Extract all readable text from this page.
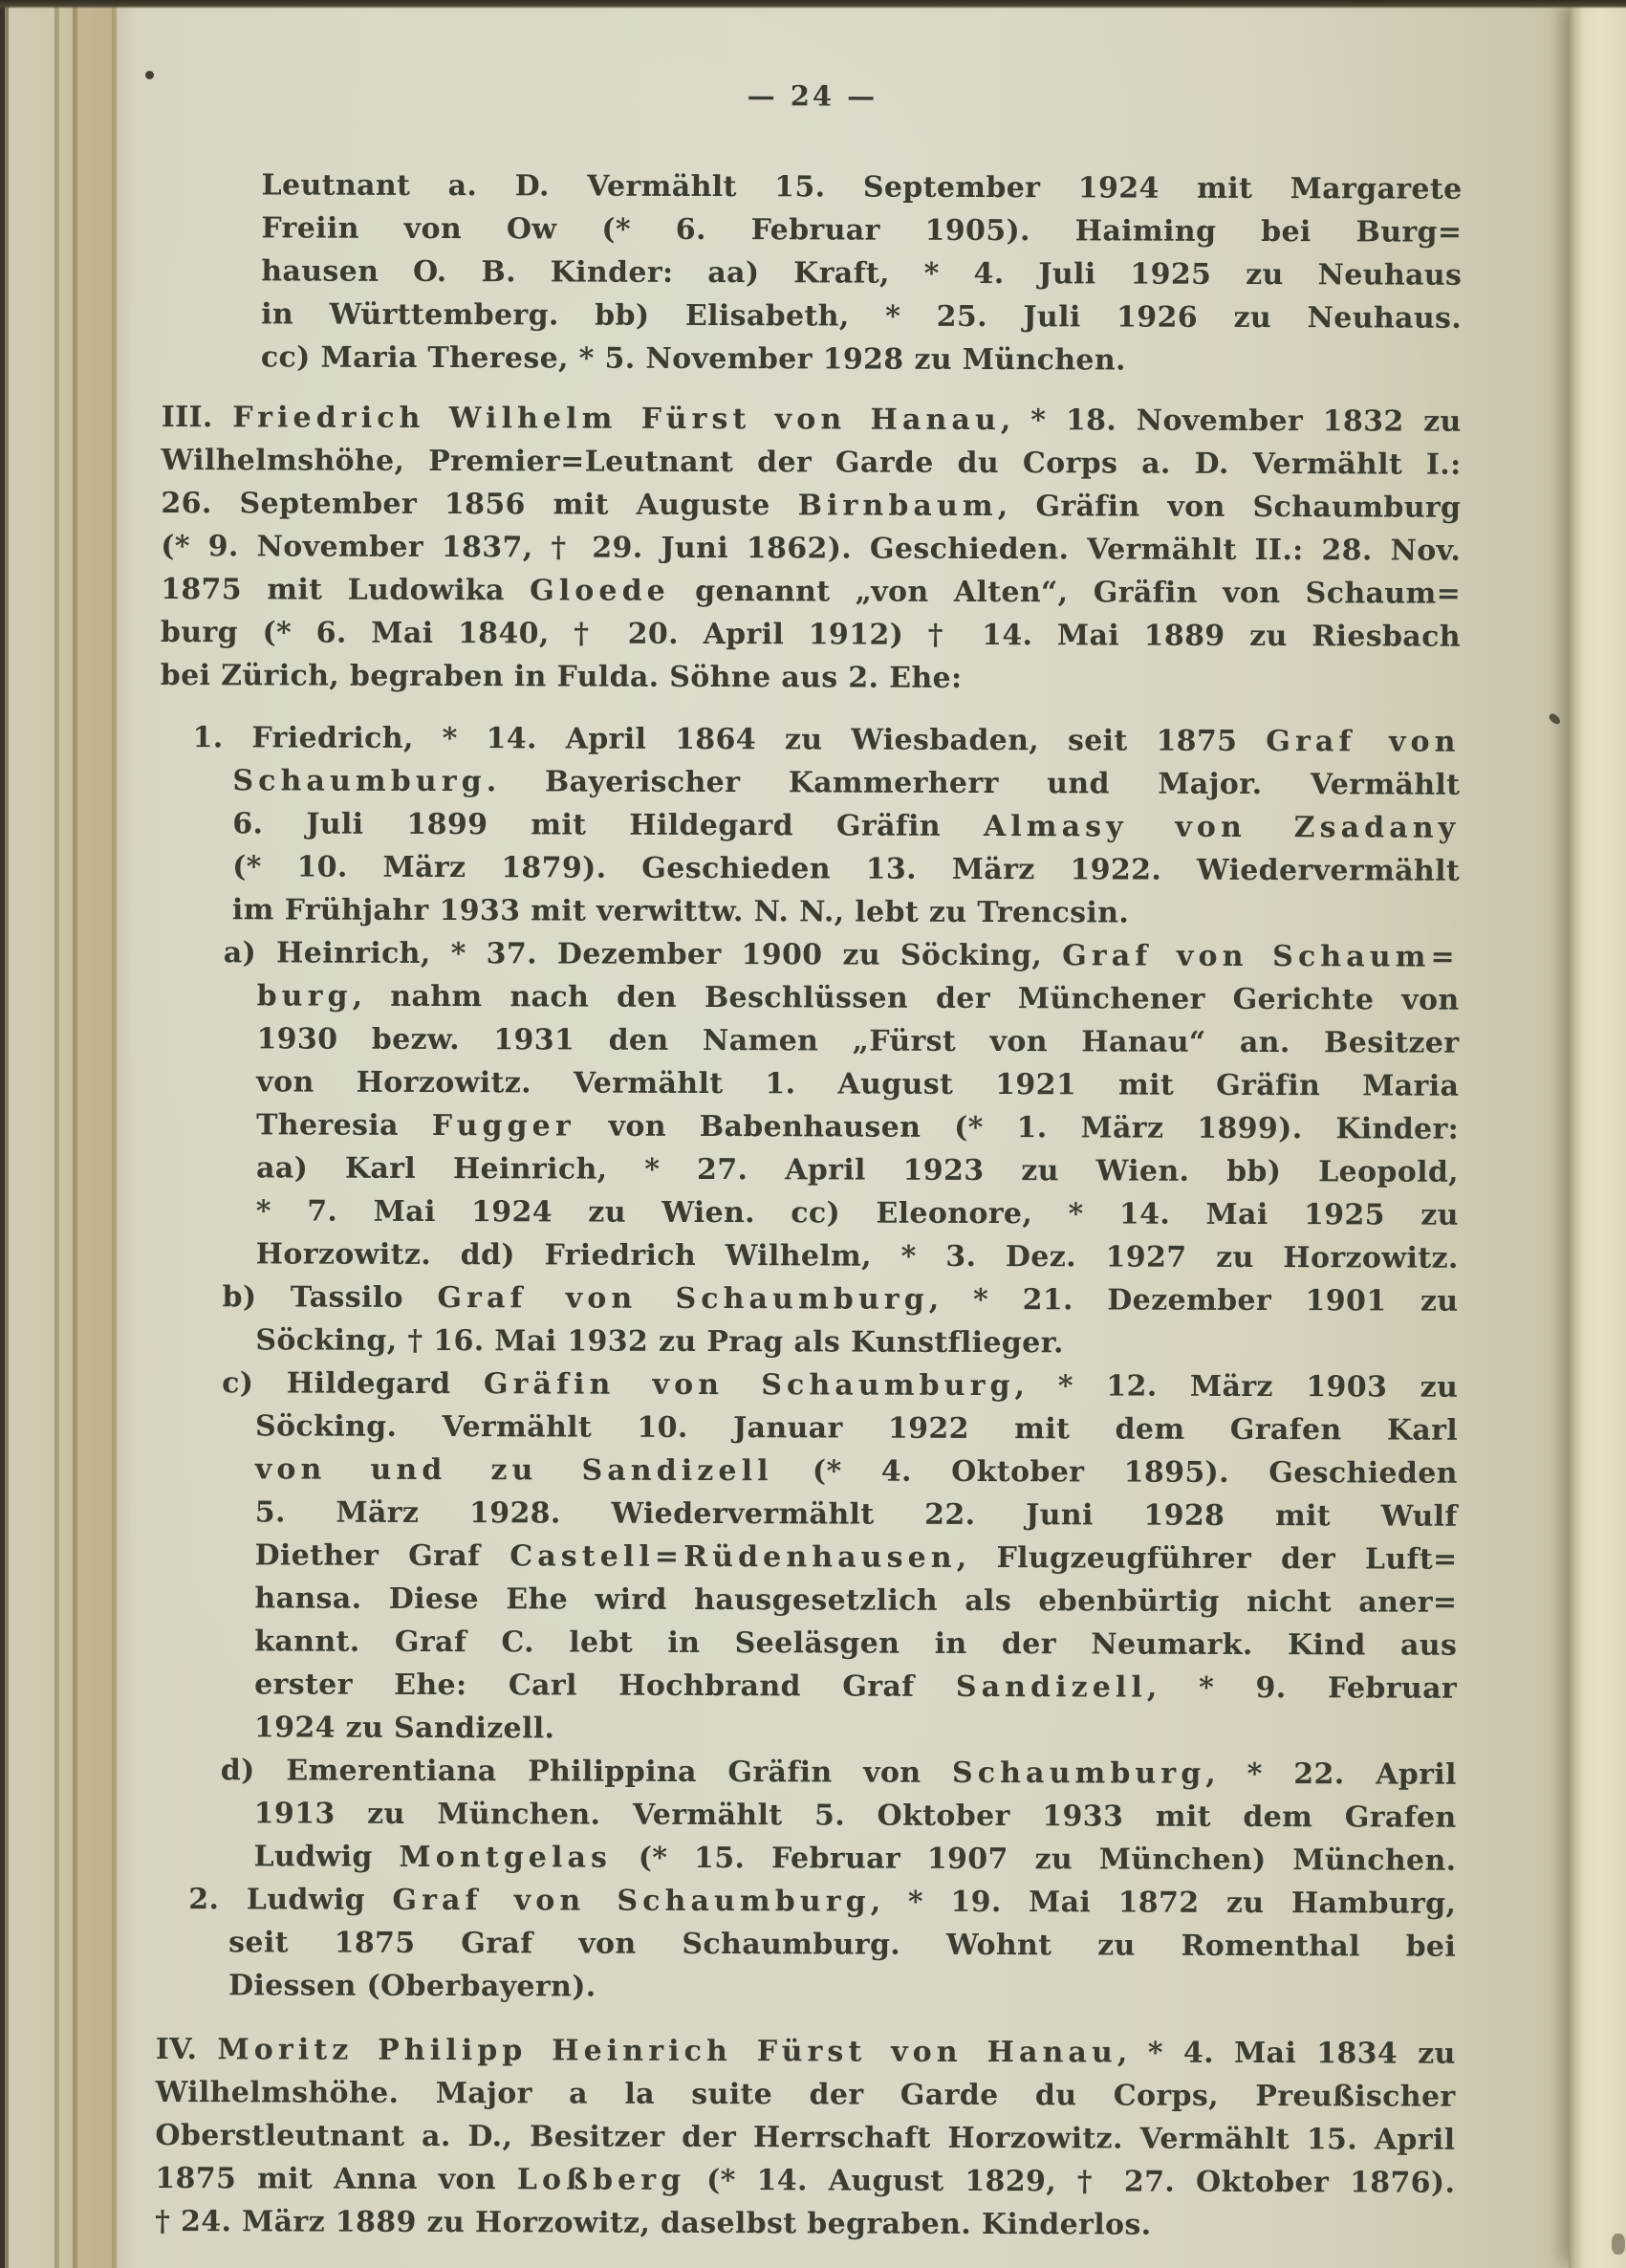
— 24 —
Leutnant a. D. Vermählt 15. September 1924 mit Margarete
Freiin von Ow (* 6. Februar 1905). Haiming bei Burg=
hausen O. B. Kinder: aa) Kraft, * 4. Juli 1925 zu Neuhaus
in Württemberg. bb) Elisabeth, * 25. Juli 1926 zu Neuhaus.
cc) Maria Therese, * 5. November 1928 zu München.
III. Friedrich Wilhelm Fürst von Hanau, * 18. November 1832 zu
Wilhelmshöhe, Premier=Leutnant der Garde du Corps a. D. Vermählt I.:
26. September 1856 mit Auguste Birnbaum, Gräfin von Schaumburg
(* 9. November 1837, † 29. Juni 1862). Geschieden. Vermählt II.: 28. Nov.
1875 mit Ludowika Gloede genannt „von Alten“, Gräfin von Schaum=
burg (* 6. Mai 1840, † 20. April 1912) † 14. Mai 1889 zu Riesbach
bei Zürich, begraben in Fulda. Söhne aus 2. Ehe:
1. Friedrich, * 14. April 1864 zu Wiesbaden, seit 1875 Graf von
Schaumburg. Bayerischer Kammerherr und Major. Vermählt
6. Juli 1899 mit Hildegard Gräfin Almasy von Zsadany
(* 10. März 1879). Geschieden 13. März 1922. Wiedervermählt
im Frühjahr 1933 mit verwittw. N. N., lebt zu Trencsin.
a) Heinrich, * 37. Dezember 1900 zu Söcking, Graf von Schaum=
burg, nahm nach den Beschlüssen der Münchener Gerichte von
1930 bezw. 1931 den Namen „Fürst von Hanau“ an. Besitzer
von Horzowitz. Vermählt 1. August 1921 mit Gräfin Maria
Theresia Fugger von Babenhausen (* 1. März 1899). Kinder:
aa) Karl Heinrich, * 27. April 1923 zu Wien. bb) Leopold,
* 7. Mai 1924 zu Wien. cc) Eleonore, * 14. Mai 1925 zu
Horzowitz. dd) Friedrich Wilhelm, * 3. Dez. 1927 zu Horzowitz.
b) Tassilo Graf von Schaumburg, * 21. Dezember 1901 zu
Söcking, † 16. Mai 1932 zu Prag als Kunstflieger.
c) Hildegard Gräfin von Schaumburg, * 12. März 1903 zu
Söcking. Vermählt 10. Januar 1922 mit dem Grafen Karl
von und zu Sandizell (* 4. Oktober 1895). Geschieden
5. März 1928. Wiedervermählt 22. Juni 1928 mit Wulf
Diether Graf Castell=Rüdenhausen, Flugzeugführer der Luft=
hansa. Diese Ehe wird hausgesetzlich als ebenbürtig nicht aner=
kannt. Graf C. lebt in Seeläsgen in der Neumark. Kind aus
erster Ehe: Carl Hochbrand Graf Sandizell, * 9. Februar
1924 zu Sandizell.
d) Emerentiana Philippina Gräfin von Schaumburg, * 22. April
1913 zu München. Vermählt 5. Oktober 1933 mit dem Grafen
Ludwig Montgelas (* 15. Februar 1907 zu München) München.
2. Ludwig Graf von Schaumburg, * 19. Mai 1872 zu Hamburg,
seit 1875 Graf von Schaumburg. Wohnt zu Romenthal bei
Diessen (Oberbayern).
IV. Moritz Philipp Heinrich Fürst von Hanau, * 4. Mai 1834 zu
Wilhelmshöhe. Major a la suite der Garde du Corps, Preußischer
Oberstleutnant a. D., Besitzer der Herrschaft Horzowitz. Vermählt 15. April
1875 mit Anna von Loßberg (* 14. August 1829, † 27. Oktober 1876).
† 24. März 1889 zu Horzowitz, daselbst begraben. Kinderlos.
